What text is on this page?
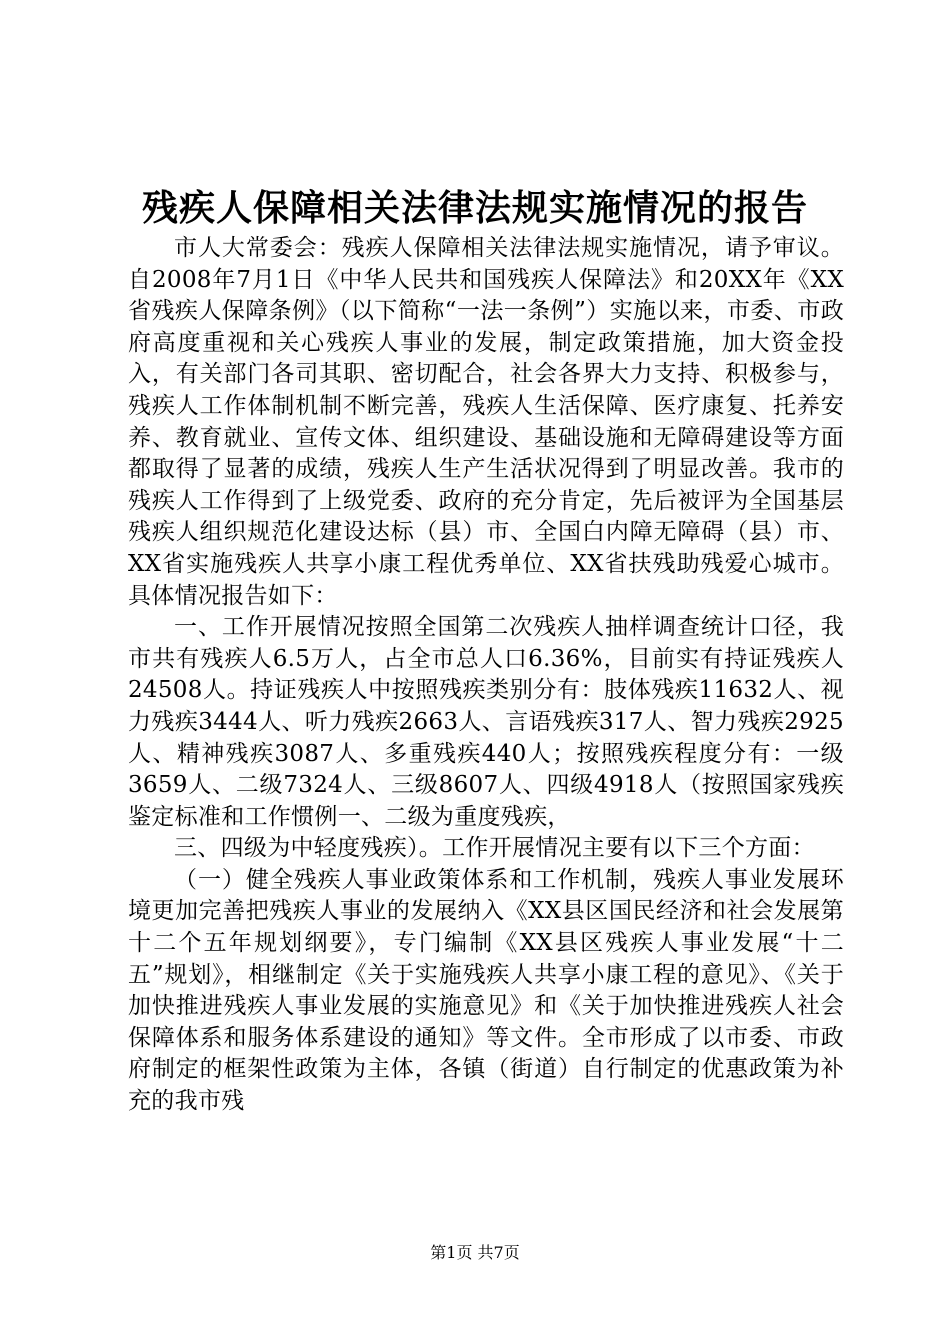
残疾人保障相关法律法规实施情况的报告

市人大常委会：残疾人保障相关法律法规实施情况，请予审议。自2008年7月1日《中华人民共和国残疾人保障法》和20XX年《XX省残疾人保障条例》（以下简称“一法一条例”）实施以来，市委、市政府高度重视和关心残疾人事业的发展，制定政策措施，加大资金投入，有关部门各司其职、密切配合，社会各界大力支持、积极参与，残疾人工作体制机制不断完善，残疾人生活保障、医疗康复、托养安养、教育就业、宣传文体、组织建设、基础设施和无障碍建设等方面都取得了显著的成绩，残疾人生产生活状况得到了明显改善。我市的残疾人工作得到了上级党委、政府的充分肯定，先后被评为全国基层残疾人组织规范化建设达标（县）市、全国白内障无障碍（县）市、XX省实施残疾人共享小康工程优秀单位、XX省扶残助残爱心城市。具体情况报告如下：

一、工作开展情况按照全国第二次残疾人抽样调查统计口径，我市共有残疾人6.5万人，占全市总人口6.36%，目前实有持证残疾人24508人。持证残疾人中按照残疾类别分有：肢体残疾11632人、视力残疾3444人、听力残疾2663人、言语残疾317人、智力残疾2925人、精神残疾3087人、多重残疾440人；按照残疾程度分有：一级3659人、二级7324人、三级8607人、四级4918人（按照国家残疾鉴定标准和工作惯例一、二级为重度残疾，

三、四级为中轻度残疾）。工作开展情况主要有以下三个方面：

（一）健全残疾人事业政策体系和工作机制，残疾人事业发展环境更加完善把残疾人事业的发展纳入《XX县区国民经济和社会发展第十二个五年规划纲要》，专门编制《XX县区残疾人事业发展“十二五”规划》，相继制定《关于实施残疾人共享小康工程的意见》、《关于加快推进残疾人事业发展的实施意见》和《关于加快推进残疾人社会保障体系和服务体系建设的通知》等文件。全市形成了以市委、市政府制定的框架性政策为主体，各镇（街道）自行制定的优惠政策为补充的我市残

第1页 共7页
